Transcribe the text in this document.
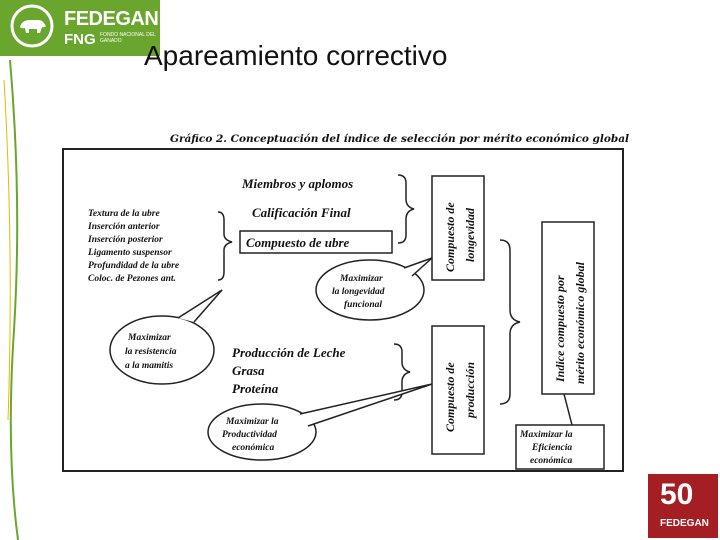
FEDEGAN
FNG FONDO NACIONAL DEL GANADO Apareamiento correctivo
Gráfico 2. Conceptuación del índice de selección por mérito económico global
Miembros y aplomos
Calificación Final
Compuesto de ubre
Textura de la ubre
Inserción anterior
Inserción posterior
Ligamento suspensor
Profundidad de la ubre
Coloc. de Pezones ant.
Compuesto de longevidad
Maximizar
la longevidad
funcional
Maximizar
la resistencia
a la mamitis
Producción de Leche
Grasa
Proteína	Compuesto de producción
Maximizar la
Productividad
económica
Indice compuesto por mérito económico global
Maximizar la
Eficiencia
económica
50
FEDEGAN
